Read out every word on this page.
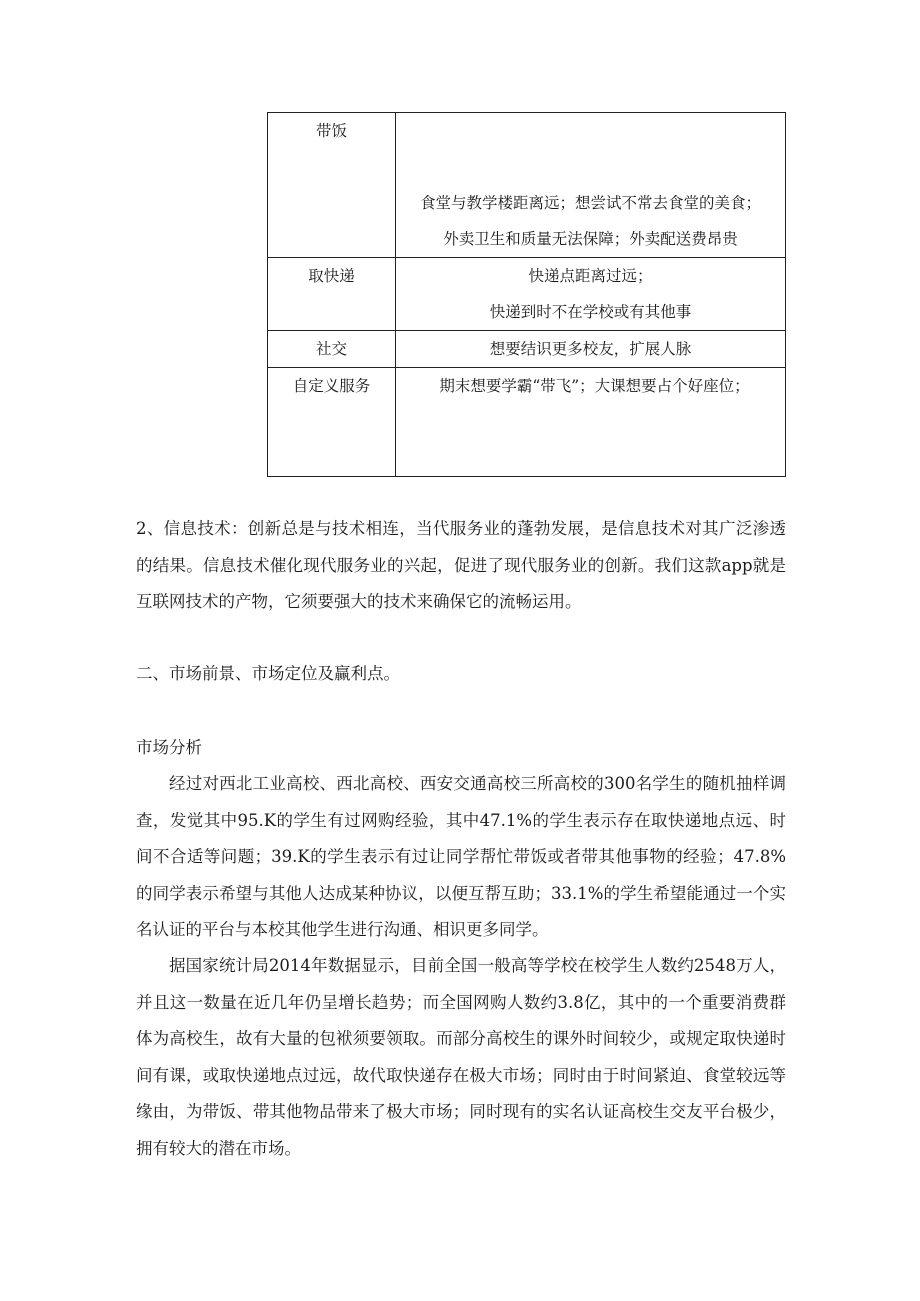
带饭	食堂与教学楼距离远；想尝试不常去食堂的美食；
外卖卫生和质量无法保障；外卖配送费昂贵

取快递	快递点距离过远；
快递到时不在学校或有其他事

社交	想要结识更多校友，扩展人脉

自定义服务	期末想要学霸“带飞”；大课想要占个好座位；

2、信息技术：创新总是与技术相连，当代服务业的蓬勃发展，是信息技术对其广泛渗透的结果。信息技术催化现代服务业的兴起，促进了现代服务业的创新。我们这款app就是互联网技术的产物，它须要强大的技术来确保它的流畅运用。

二、市场前景、市场定位及赢利点。

市场分析

经过对西北工业高校、西北高校、西安交通高校三所高校的300名学生的随机抽样调查，发觉其中95.K的学生有过网购经验，其中47.1%的学生表示存在取快递地点远、时间不合适等问题；39.K的学生表示有过让同学帮忙带饭或者带其他事物的经验；47.8%的同学表示希望与其他人达成某种协议，以便互帮互助；33.1%的学生希望能通过一个实名认证的平台与本校其他学生进行沟通、相识更多同学。

据国家统计局2014年数据显示，目前全国一般高等学校在校学生人数约2548万人，并且这一数量在近几年仍呈增长趋势；而全国网购人数约3.8亿，其中的一个重要消费群体为高校生，故有大量的包袱须要领取。而部分高校生的课外时间较少，或规定取快递时间有课，或取快递地点过远，故代取快递存在极大市场；同时由于时间紧迫、食堂较远等缘由，为带饭、带其他物品带来了极大市场；同时现有的实名认证高校生交友平台极少，拥有较大的潜在市场。
